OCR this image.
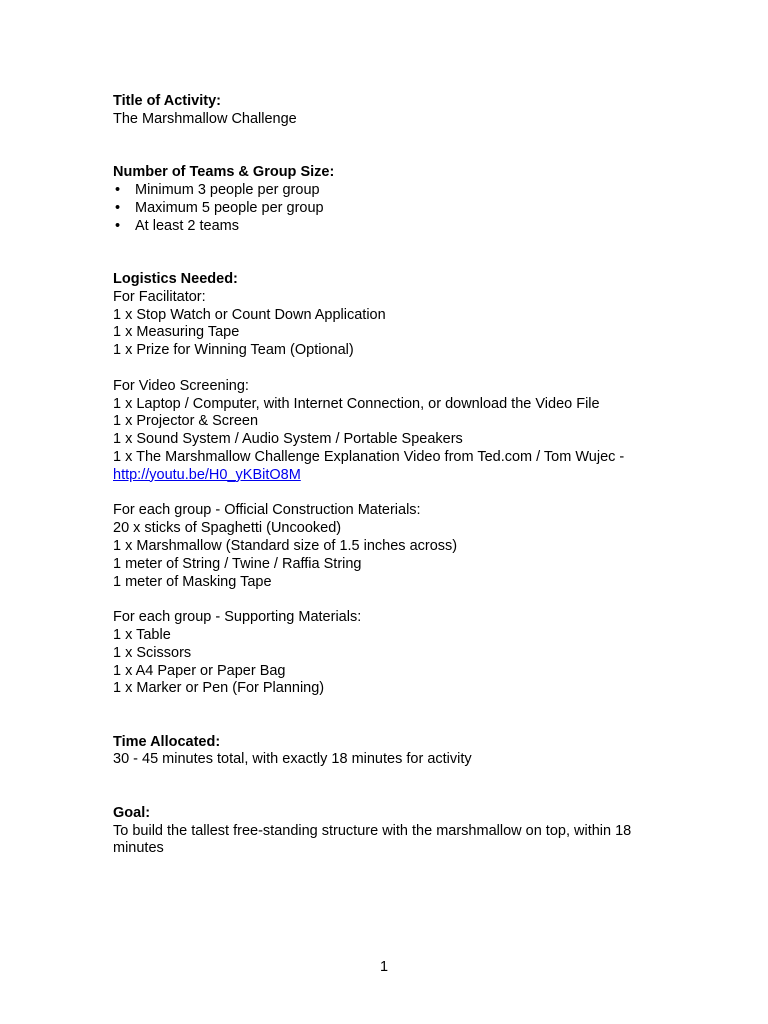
Title of Activity:
The Marshmallow Challenge
Number of Teams & Group Size:
• Minimum 3 people per group
• Maximum 5 people per group
• At least 2 teams
Logistics Needed:
For Facilitator:
1 x Stop Watch or Count Down Application
1 x Measuring Tape
1 x Prize for Winning Team (Optional)
For Video Screening:
1 x Laptop / Computer, with Internet Connection, or download the Video File
1 x Projector & Screen
1 x Sound System / Audio System / Portable Speakers
1 x The Marshmallow Challenge Explanation Video from Ted.com / Tom Wujec -
http://youtu.be/H0_yKBitO8M
For each group - Official Construction Materials:
20 x sticks of Spaghetti (Uncooked)
1 x Marshmallow (Standard size of 1.5 inches across)
1 meter of String / Twine / Raffia String
1 meter of Masking Tape
For each group - Supporting Materials:
1 x Table
1 x Scissors
1 x A4 Paper or Paper Bag
1 x Marker or Pen (For Planning)
Time Allocated:
30 - 45 minutes total, with exactly 18 minutes for activity
Goal:
To build the tallest free-standing structure with the marshmallow on top, within 18 minutes
1
